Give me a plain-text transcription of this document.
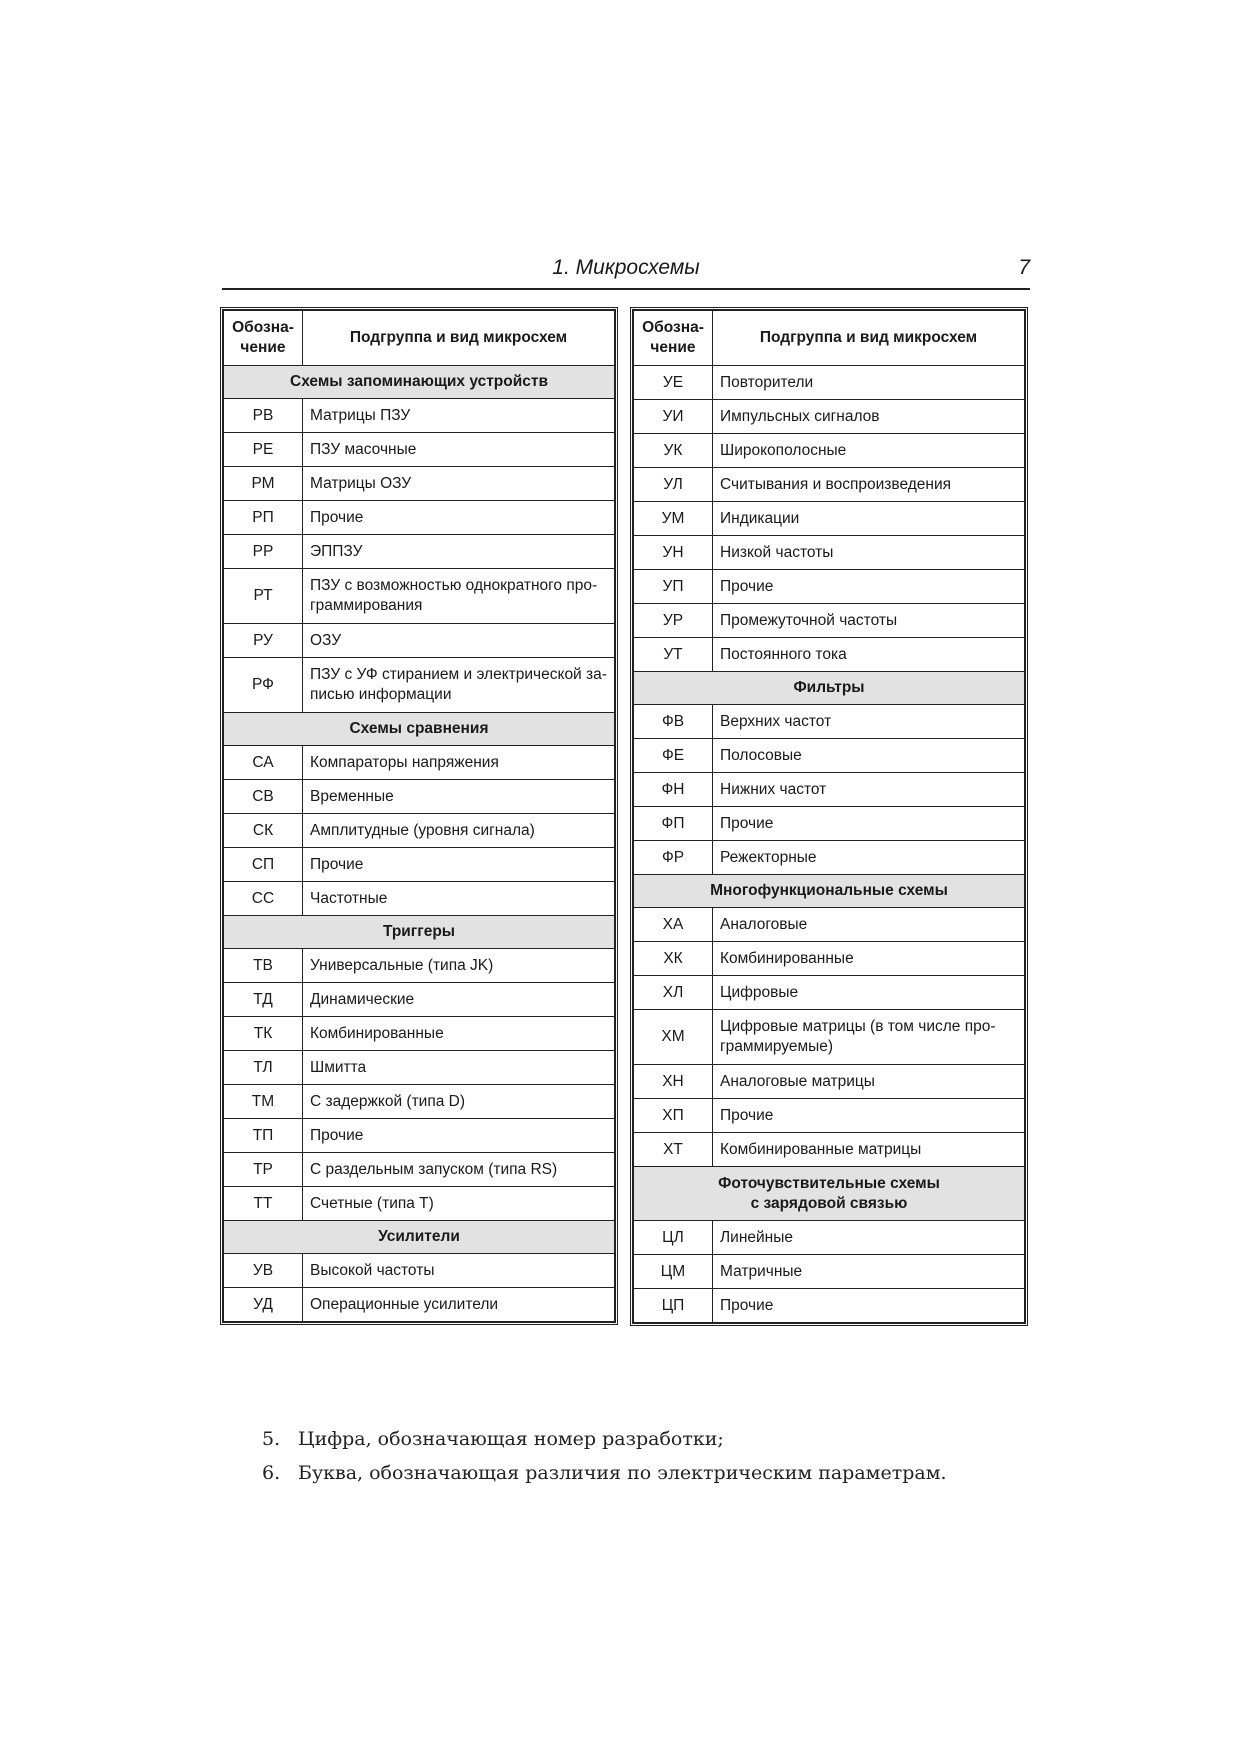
1. Микросхемы	7
Обозна-
чение	Подгруппа и вид микросхем
Схемы запоминающих устройств	
РВ	Матрицы ПЗУ
РЕ	ПЗУ масочные
РМ	Матрицы ОЗУ
РП	Прочие
РР	ЭППЗУ
РТ	ПЗУ с возможностью однократного про-
граммирования
РУ	ОЗУ
РФ	ПЗУ с УФ стиранием и электрической за-
писью информации
Схемы сравнения	
СА	Компараторы напряжения
СВ	Временные
СК	Амплитудные (уровня сигнала)
СП	Прочие
СС	Частотные
Триггеры	
ТВ	Универсальные (типа JK)
ТД	Динамические
ТК	Комбинированные
ТЛ	Шмитта
ТМ	С задержкой (типа D)
ТП	Прочие
ТР	С раздельным запуском (типа RS)
ТТ	Счетные (типа Т)
Усилители	
УВ	Высокой частоты
УД	Операционные усилители
Обозна-
чение	Подгруппа и вид микросхем
УЕ	Повторители
УИ	Импульсных сигналов
УК	Широкополосные
УЛ	Считывания и воспроизведения
УМ	Индикации
УН	Низкой частоты
УП	Прочие
УР	Промежуточной частоты
УТ	Постоянного тока
Фильтры	
ФВ	Верхних частот
ФЕ	Полосовые
ФН	Нижних частот
ФП	Прочие
ФР	Режекторные
Многофункциональные схемы	
ХА	Аналоговые
ХК	Комбинированные
ХЛ	Цифровые
ХМ	Цифровые матрицы (в том числе про-
граммируемые)
ХН	Аналоговые матрицы
ХП	Прочие
ХТ	Комбинированные матрицы
Фоточувствительные схемы
с зарядовой связью	
ЦЛ	Линейные
ЦМ	Матричные
ЦП	Прочие
5. Цифра, обозначающая номер разработки;
6. Буква, обозначающая различия по электрическим параметрам.
